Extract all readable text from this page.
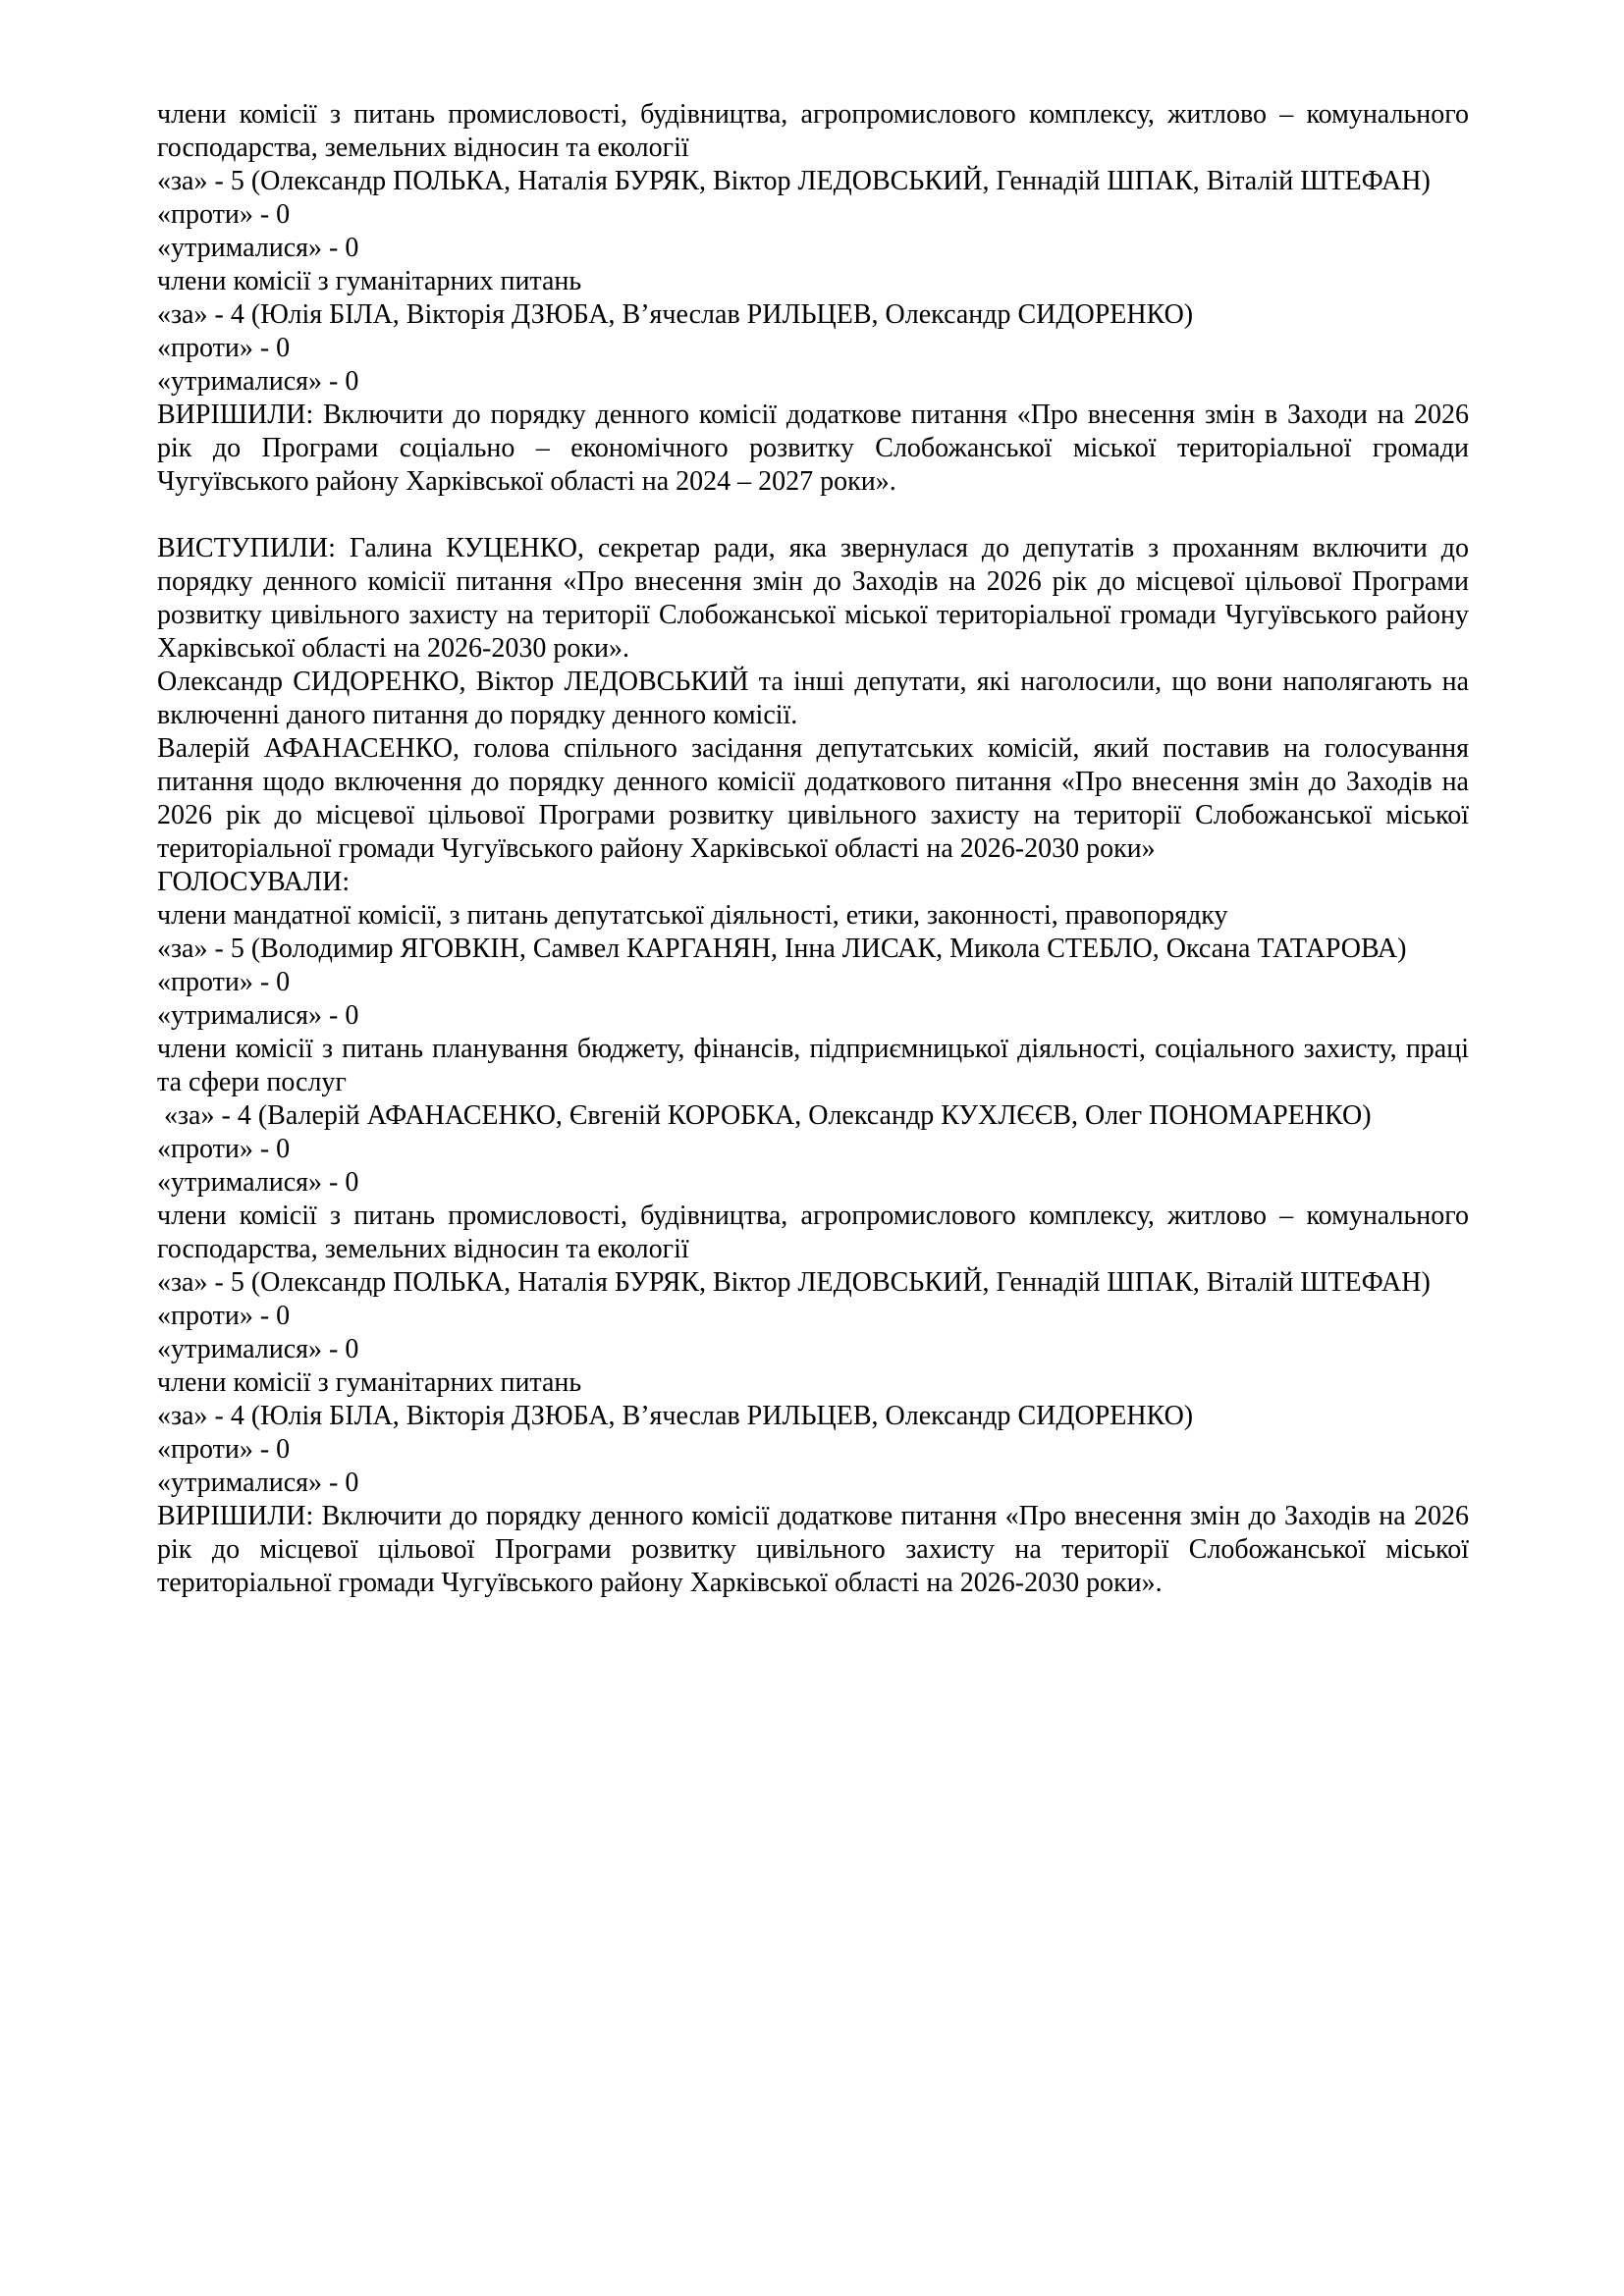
члени комісії з питань промисловості, будівництва, агропромислового комплексу, житлово – комунального господарства, земельних відносин та екології

«за» - 5 (Олександр ПОЛЬКА, Наталія БУРЯК, Віктор ЛЕДОВСЬКИЙ, Геннадій ШПАК, Віталій ШТЕФАН)

«проти» - 0

«утрималися» - 0

члени комісії з гуманітарних питань

«за» - 4 (Юлія БІЛА, Вікторія ДЗЮБА, В’ячеслав РИЛЬЦЕВ, Олександр СИДОРЕНКО)

«проти» - 0

«утрималися» - 0

ВИРІШИЛИ: Включити до порядку денного комісії додаткове питання «Про внесення змін в Заходи на 2026 рік до Програми соціально – економічного розвитку Слобожанської міської територіальної громади Чугуївського району Харківської області на 2024 – 2027 роки».

ВИСТУПИЛИ: Галина КУЦЕНКО, секретар ради, яка звернулася до депутатів з проханням включити до порядку денного комісії питання «Про внесення змін до Заходів на 2026 рік до місцевої цільової Програми розвитку цивільного захисту на території Слобожанської міської територіальної громади Чугуївського району Харківської області на 2026-2030 роки».

Олександр СИДОРЕНКО, Віктор ЛЕДОВСЬКИЙ та інші депутати, які наголосили, що вони наполягають на включенні даного питання до порядку денного комісії.

Валерій АФАНАСЕНКО, голова спільного засідання депутатських комісій, який поставив на голосування питання щодо включення до порядку денного комісії додаткового питання «Про внесення змін до Заходів на 2026 рік до місцевої цільової Програми розвитку цивільного захисту на території Слобожанської міської територіальної громади Чугуївського району Харківської області на 2026-2030 роки»

ГОЛОСУВАЛИ:

члени мандатної комісії, з питань депутатської діяльності, етики, законності, правопорядку

«за» - 5 (Володимир ЯГОВКІН, Самвел КАРГАНЯН, Інна ЛИСАК, Микола СТЕБЛО, Оксана ТАТАРОВА)

«проти» - 0

«утрималися» - 0

члени комісії з питань планування бюджету, фінансів, підприємницької діяльності, соціального захисту, праці та сфери послуг

«за» - 4 (Валерій АФАНАСЕНКО, Євгеній КОРОБКА, Олександр КУХЛЄЄВ, Олег ПОНОМАРЕНКО)

«проти» - 0

«утрималися» - 0

члени комісії з питань промисловості, будівництва, агропромислового комплексу, житлово – комунального господарства, земельних відносин та екології

«за» - 5 (Олександр ПОЛЬКА, Наталія БУРЯК, Віктор ЛЕДОВСЬКИЙ, Геннадій ШПАК, Віталій ШТЕФАН)

«проти» - 0

«утрималися» - 0

члени комісії з гуманітарних питань

«за» - 4 (Юлія БІЛА, Вікторія ДЗЮБА, В’ячеслав РИЛЬЦЕВ, Олександр СИДОРЕНКО)

«проти» - 0

«утрималися» - 0

ВИРІШИЛИ: Включити до порядку денного комісії додаткове питання «Про внесення змін до Заходів на 2026 рік до місцевої цільової Програми розвитку цивільного захисту на території Слобожанської міської територіальної громади Чугуївського району Харківської області на 2026-2030 роки».
